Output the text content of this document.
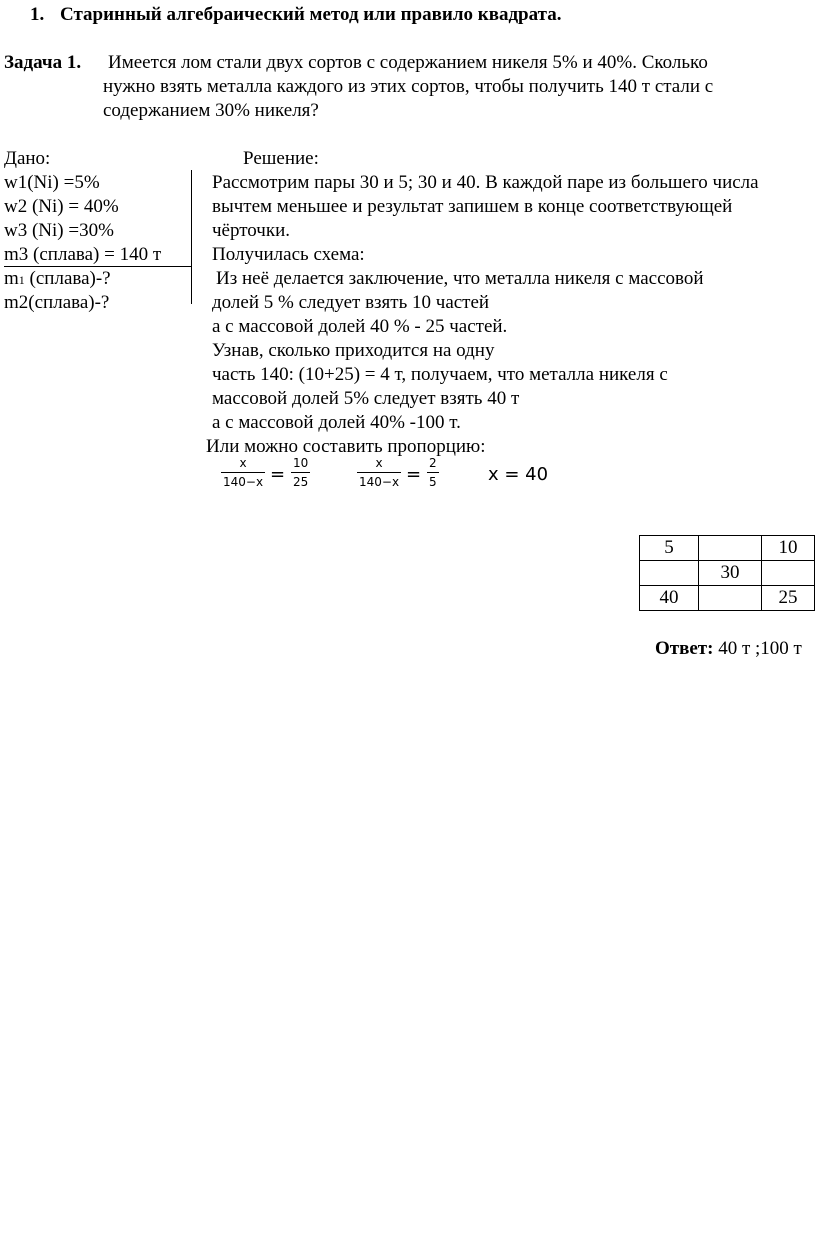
1. Старинный алгебраический метод или правило квадрата.
Задача 1. Имеется лом стали двух сортов с содержанием никеля 5% и 40%. Сколько
нужно взять металла каждого из этих сортов, чтобы получить 140 т стали с
содержанием 30% никеля?
Дано:
w1(Ni) =5%
w2 (Ni) = 40%
w3 (Ni) =30%
m3 (сплава) = 140 т
m1 (сплава)-?
m2(сплава)-?
Решение:
Рассмотрим пары 30 и 5; 30 и 40. В каждой паре из большего числа
вычтем меньшее и результат запишем в конце соответствующей
чёрточки.
Получилась схема:
Из неё делается заключение, что металла никеля с массовой
долей 5 % следует взять 10 частей
а с массовой долей 40 % - 25 частей.
Узнав, сколько приходится на одну
часть 140: (10+25) = 4 т, получаем, что металла никеля с
массовой долей 5% следует взять 40 т
а с массовой долей 40% -100 т.
Или можно составить пропорцию:
x
140−x =
10
25
x
140−x =
2
5	x = 40
5		10
	30	
40		25
Ответ: 40 т ;100 т
